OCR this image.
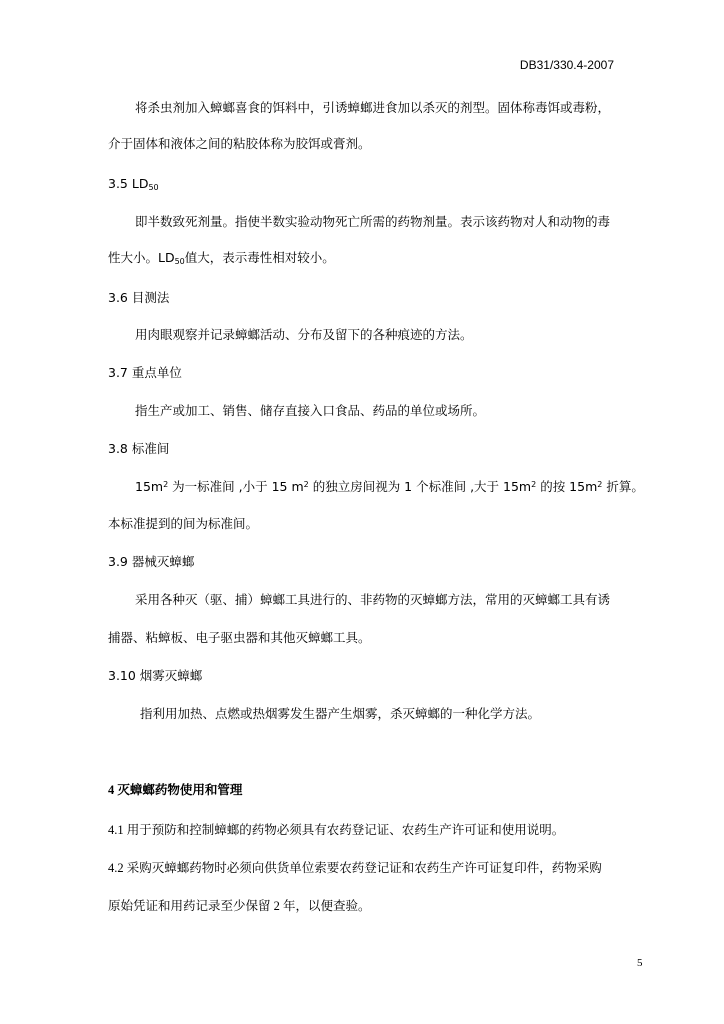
DB31/330.4-2007
将杀虫剂加入蟑螂喜食的饵料中，引诱蟑螂进食加以杀灭的剂型。固体称毒饵或毒粉，
介于固体和液体之间的粘胶体称为胶饵或膏剂。
3.5 $LD_{50}$
即半数致死剂量。指使半数实验动物死亡所需的药物剂量。表示该药物对人和动物的毒
性大小。$LD_{50}$值大，表示毒性相对较小。
3.6 目测法
用肉眼观察并记录蟑螂活动、分布及留下的各种痕迹的方法。
3.7 重点单位
指生产或加工、销售、储存直接入口食品、药品的单位或场所。
3.8 标准间
$15m^2$ 为一标准间 ,小于 15 $m^2$ 的独立房间视为 1 个标准间 ,大于 $15m^2$ 的按 $15m^2$ 折算。
本标准提到的间为标准间。
3.9 器械灭蟑螂
采用各种灭（驱、捕）蟑螂工具进行的、非药物的灭蟑螂方法，常用的灭蟑螂工具有诱
捕器、粘蟑板、电子驱虫器和其他灭蟑螂工具。
3.10 烟雾灭蟑螂
指利用加热、点燃或热烟雾发生器产生烟雾，杀灭蟑螂的一种化学方法。
4 灭蟑螂药物使用和管理
4.1 用于预防和控制蟑螂的药物必须具有农药登记证、农药生产许可证和使用说明。
4.2 采购灭蟑螂药物时必须向供货单位索要农药登记证和农药生产许可证复印件，药物采购
原始凭证和用药记录至少保留 2 年，以便查验。
5
